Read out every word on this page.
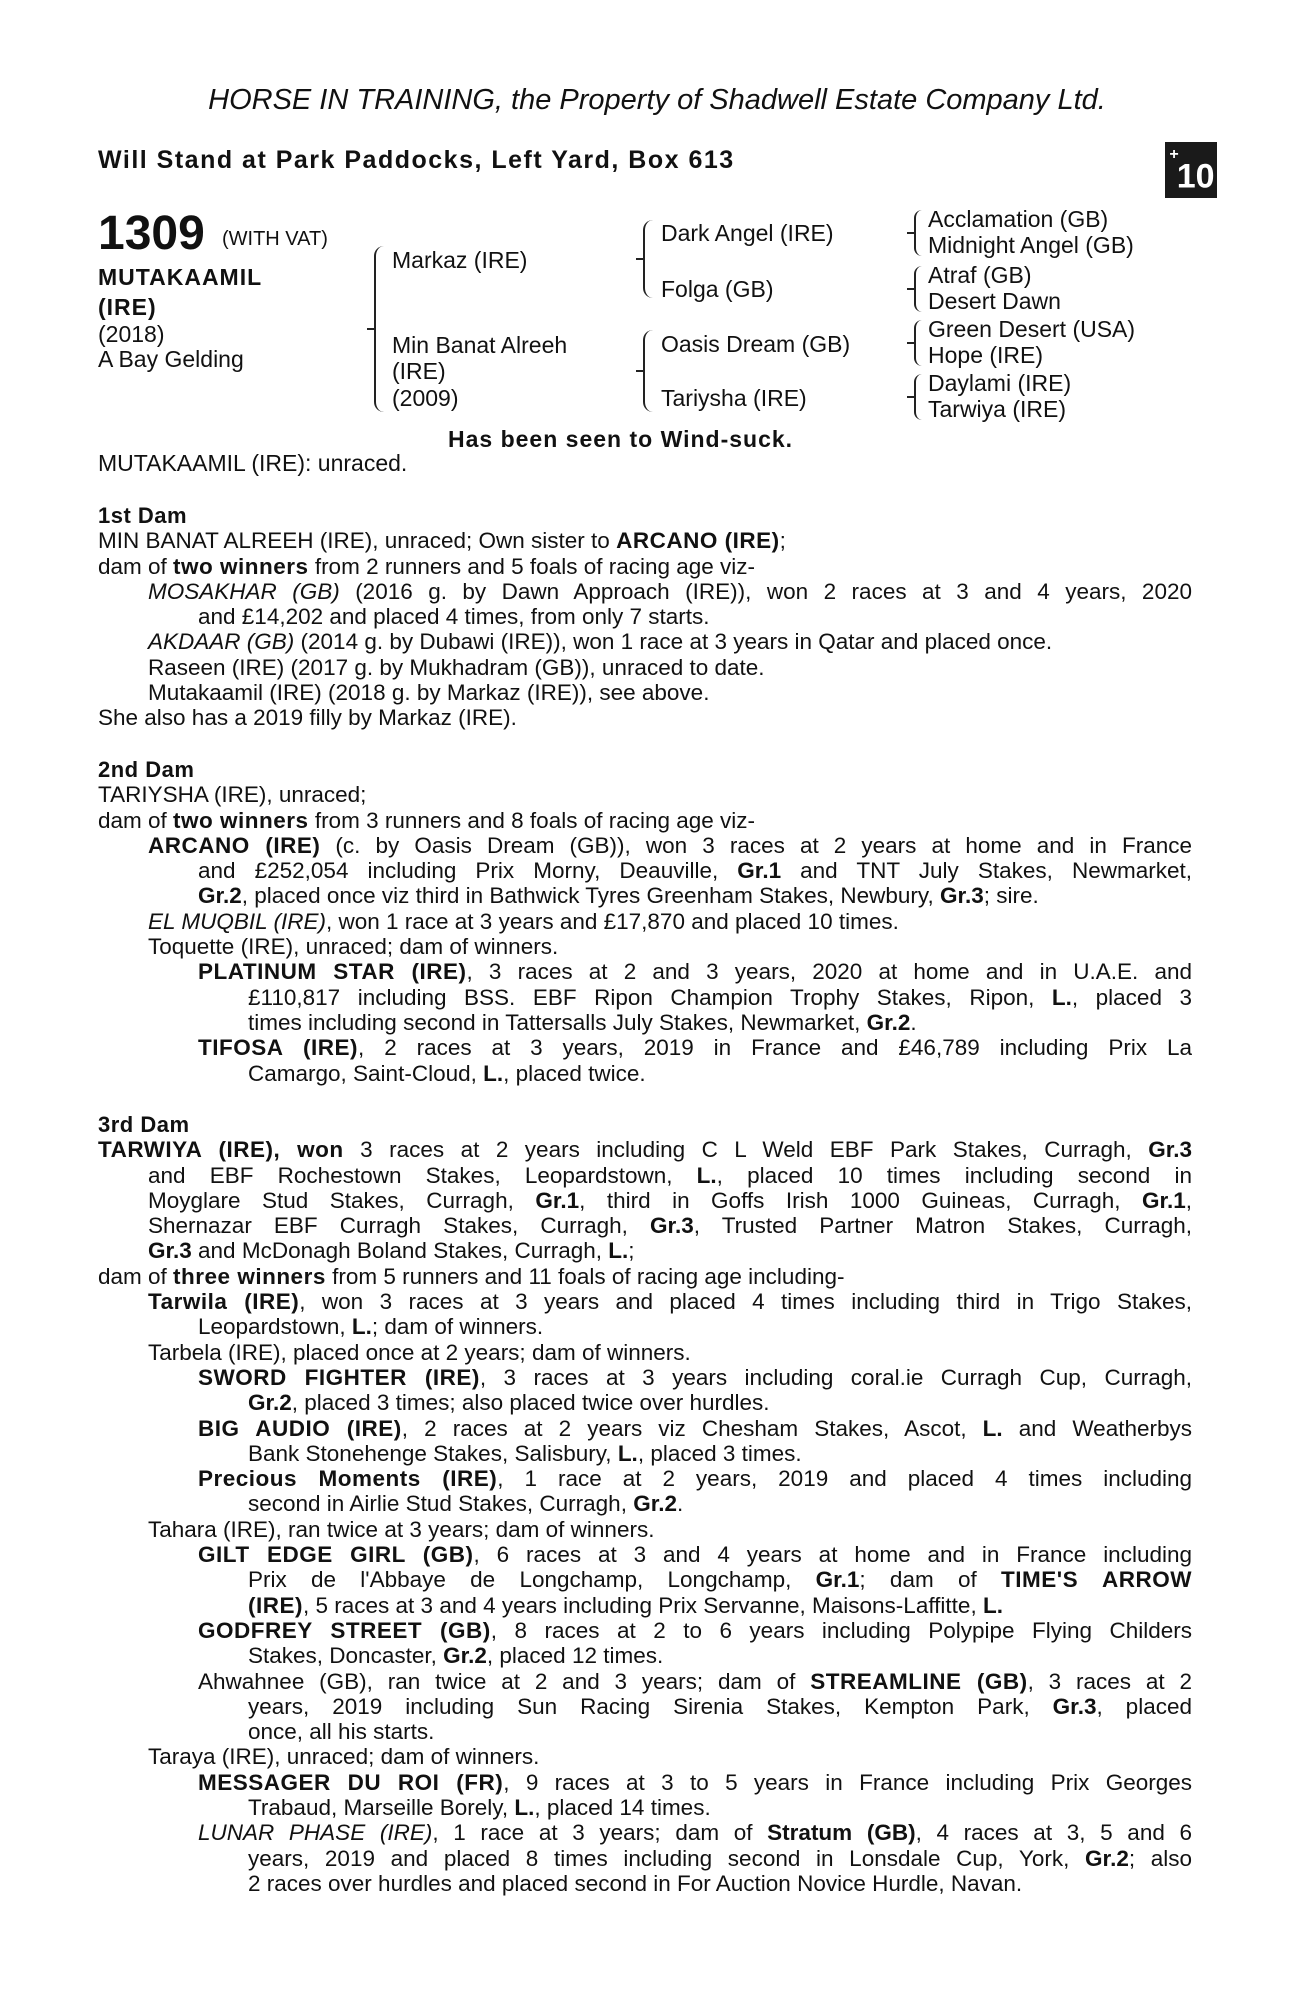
HORSE IN TRAINING, the Property of Shadwell Estate Company Ltd.
Will Stand at Park Paddocks, Left Yard, Box 613	+10
1309 (WITH VAT)
MUTAKAAMIL
(IRE)
(2018)
A Bay Gelding
Markaz (IRE)
Min Banat Alreeh
(IRE)
(2009)
Dark Angel (IRE)
Folga (GB)
Oasis Dream (GB)
Tariysha (IRE)
Acclamation (GB)
Midnight Angel (GB)
Atraf (GB)
Desert Dawn
Green Desert (USA)
Hope (IRE)
Daylami (IRE)
Tarwiya (IRE)
Has been seen to Wind-suck.
MUTAKAAMIL (IRE): unraced.
1st Dam
MIN BANAT ALREEH (IRE), unraced; Own sister to ARCANO (IRE);
dam of two winners from 2 runners and 5 foals of racing age viz-
MOSAKHAR (GB) (2016 g. by Dawn Approach (IRE)), won 2 races at 3 and 4 years, 2020
and £14,202 and placed 4 times, from only 7 starts.
AKDAAR (GB) (2014 g. by Dubawi (IRE)), won 1 race at 3 years in Qatar and placed once.
Raseen (IRE) (2017 g. by Mukhadram (GB)), unraced to date.
Mutakaamil (IRE) (2018 g. by Markaz (IRE)), see above.
She also has a 2019 filly by Markaz (IRE).
2nd Dam
TARIYSHA (IRE), unraced;
dam of two winners from 3 runners and 8 foals of racing age viz-
ARCANO (IRE) (c. by Oasis Dream (GB)), won 3 races at 2 years at home and in France
and £252,054 including Prix Morny, Deauville, Gr.1 and TNT July Stakes, Newmarket,
Gr.2, placed once viz third in Bathwick Tyres Greenham Stakes, Newbury, Gr.3; sire.
EL MUQBIL (IRE), won 1 race at 3 years and £17,870 and placed 10 times.
Toquette (IRE), unraced; dam of winners.
PLATINUM STAR (IRE), 3 races at 2 and 3 years, 2020 at home and in U.A.E. and
£110,817 including BSS. EBF Ripon Champion Trophy Stakes, Ripon, L., placed 3
times including second in Tattersalls July Stakes, Newmarket, Gr.2.
TIFOSA (IRE), 2 races at 3 years, 2019 in France and £46,789 including Prix La
Camargo, Saint-Cloud, L., placed twice.
3rd Dam
TARWIYA (IRE), won 3 races at 2 years including C L Weld EBF Park Stakes, Curragh, Gr.3
and EBF Rochestown Stakes, Leopardstown, L., placed 10 times including second in
Moyglare Stud Stakes, Curragh, Gr.1, third in Goffs Irish 1000 Guineas, Curragh, Gr.1,
Shernazar EBF Curragh Stakes, Curragh, Gr.3, Trusted Partner Matron Stakes, Curragh,
Gr.3 and McDonagh Boland Stakes, Curragh, L.;
dam of three winners from 5 runners and 11 foals of racing age including-
Tarwila (IRE), won 3 races at 3 years and placed 4 times including third in Trigo Stakes,
Leopardstown, L.; dam of winners.
Tarbela (IRE), placed once at 2 years; dam of winners.
SWORD FIGHTER (IRE), 3 races at 3 years including coral.ie Curragh Cup, Curragh,
Gr.2, placed 3 times; also placed twice over hurdles.
BIG AUDIO (IRE), 2 races at 2 years viz Chesham Stakes, Ascot, L. and Weatherbys
Bank Stonehenge Stakes, Salisbury, L., placed 3 times.
Precious Moments (IRE), 1 race at 2 years, 2019 and placed 4 times including
second in Airlie Stud Stakes, Curragh, Gr.2.
Tahara (IRE), ran twice at 3 years; dam of winners.
GILT EDGE GIRL (GB), 6 races at 3 and 4 years at home and in France including
Prix de l'Abbaye de Longchamp, Longchamp, Gr.1; dam of TIME'S ARROW
(IRE), 5 races at 3 and 4 years including Prix Servanne, Maisons-Laffitte, L.
GODFREY STREET (GB), 8 races at 2 to 6 years including Polypipe Flying Childers
Stakes, Doncaster, Gr.2, placed 12 times.
Ahwahnee (GB), ran twice at 2 and 3 years; dam of STREAMLINE (GB), 3 races at 2
years, 2019 including Sun Racing Sirenia Stakes, Kempton Park, Gr.3, placed
once, all his starts.
Taraya (IRE), unraced; dam of winners.
MESSAGER DU ROI (FR), 9 races at 3 to 5 years in France including Prix Georges
Trabaud, Marseille Borely, L., placed 14 times.
LUNAR PHASE (IRE), 1 race at 3 years; dam of Stratum (GB), 4 races at 3, 5 and 6
years, 2019 and placed 8 times including second in Lonsdale Cup, York, Gr.2; also
2 races over hurdles and placed second in For Auction Novice Hurdle, Navan.
